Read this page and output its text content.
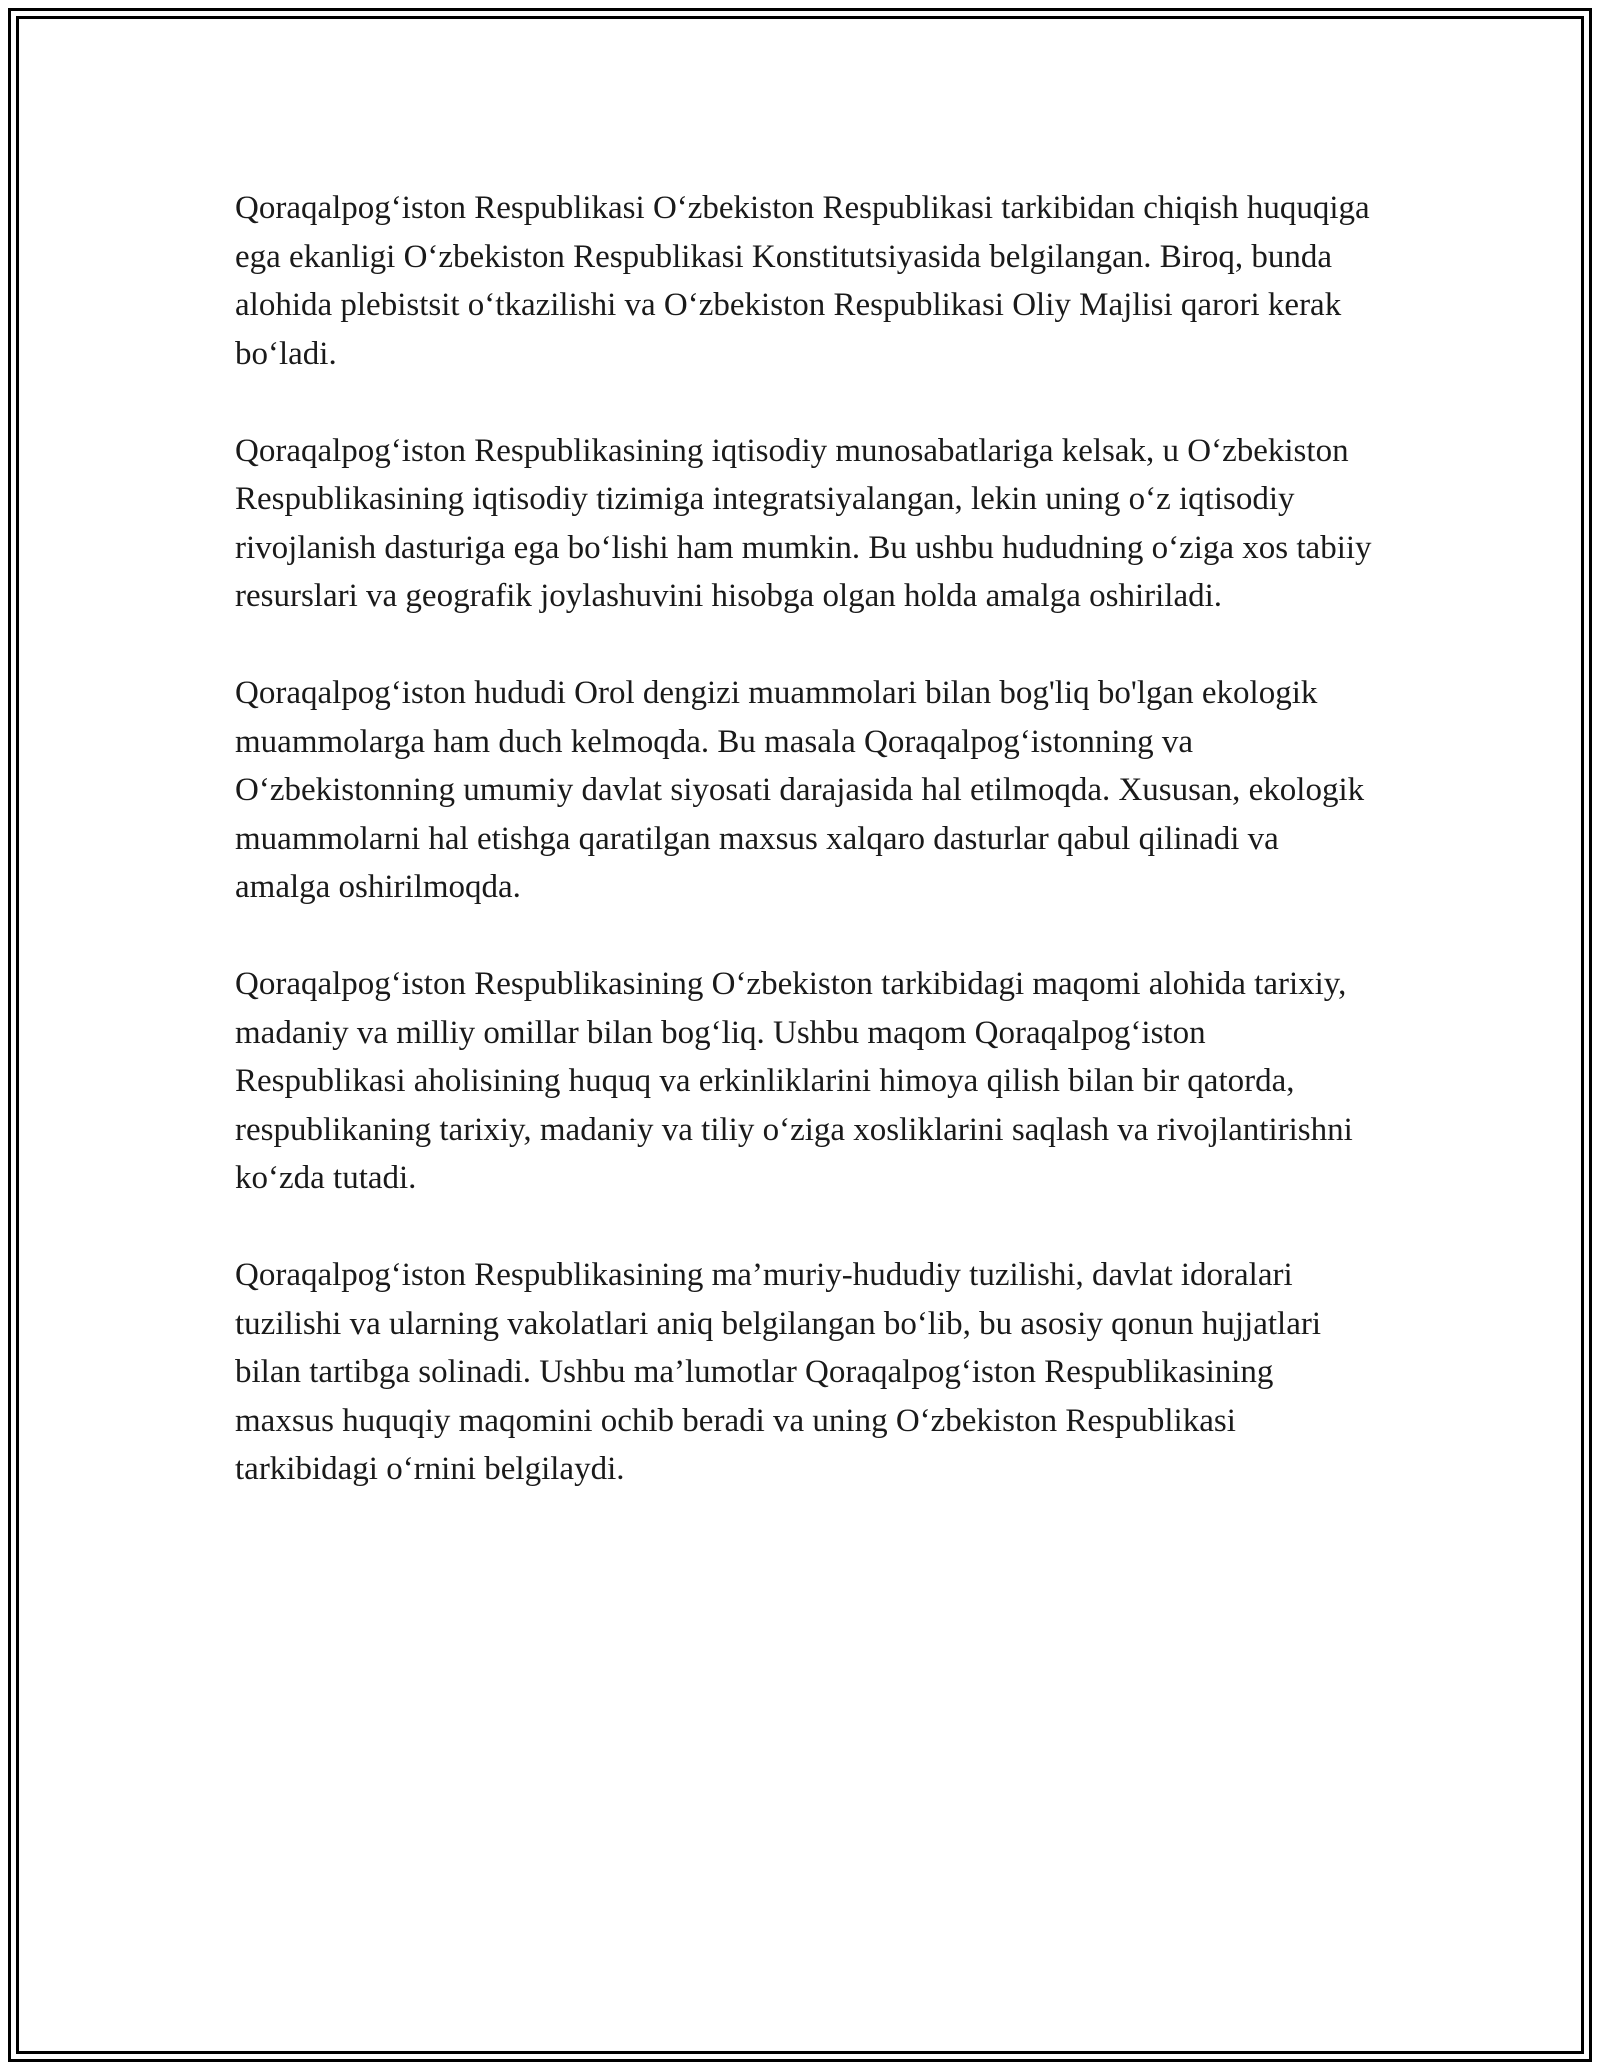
Qoraqalpog‘iston Respublikasi O‘zbekiston Respublikasi tarkibidan chiqish huquqiga ega ekanligi O‘zbekiston Respublikasi Konstitutsiyasida belgilangan. Biroq, bunda alohida plebistsit o‘tkazilishi va O‘zbekiston Respublikasi Oliy Majlisi qarori kerak bo‘ladi.

Qoraqalpog‘iston Respublikasining iqtisodiy munosabatlariga kelsak, u O‘zbekiston Respublikasining iqtisodiy tizimiga integratsiyalangan, lekin uning o‘z iqtisodiy rivojlanish dasturiga ega bo‘lishi ham mumkin. Bu ushbu hududning o‘ziga xos tabiiy resurslari va geografik joylashuvini hisobga olgan holda amalga oshiriladi.

Qoraqalpog‘iston hududi Orol dengizi muammolari bilan bog'liq bo'lgan ekologik muammolarga ham duch kelmoqda. Bu masala Qoraqalpog‘istonning va O‘zbekistonning umumiy davlat siyosati darajasida hal etilmoqda. Xususan, ekologik muammolarni hal etishga qaratilgan maxsus xalqaro dasturlar qabul qilinadi va amalga oshirilmoqda.

Qoraqalpog‘iston Respublikasining O‘zbekiston tarkibidagi maqomi alohida tarixiy, madaniy va milliy omillar bilan bog‘liq. Ushbu maqom Qoraqalpog‘iston Respublikasi aholisining huquq va erkinliklarini himoya qilish bilan bir qatorda, respublikaning tarixiy, madaniy va tiliy o‘ziga xosliklarini saqlash va rivojlantirishni ko‘zda tutadi.

Qoraqalpog‘iston Respublikasining ma’muriy-hududiy tuzilishi, davlat idoralari tuzilishi va ularning vakolatlari aniq belgilangan bo‘lib, bu asosiy qonun hujjatlari bilan tartibga solinadi. Ushbu ma’lumotlar Qoraqalpog‘iston Respublikasining maxsus huquqiy maqomini ochib beradi va uning O‘zbekiston Respublikasi tarkibidagi o‘rnini belgilaydi.
